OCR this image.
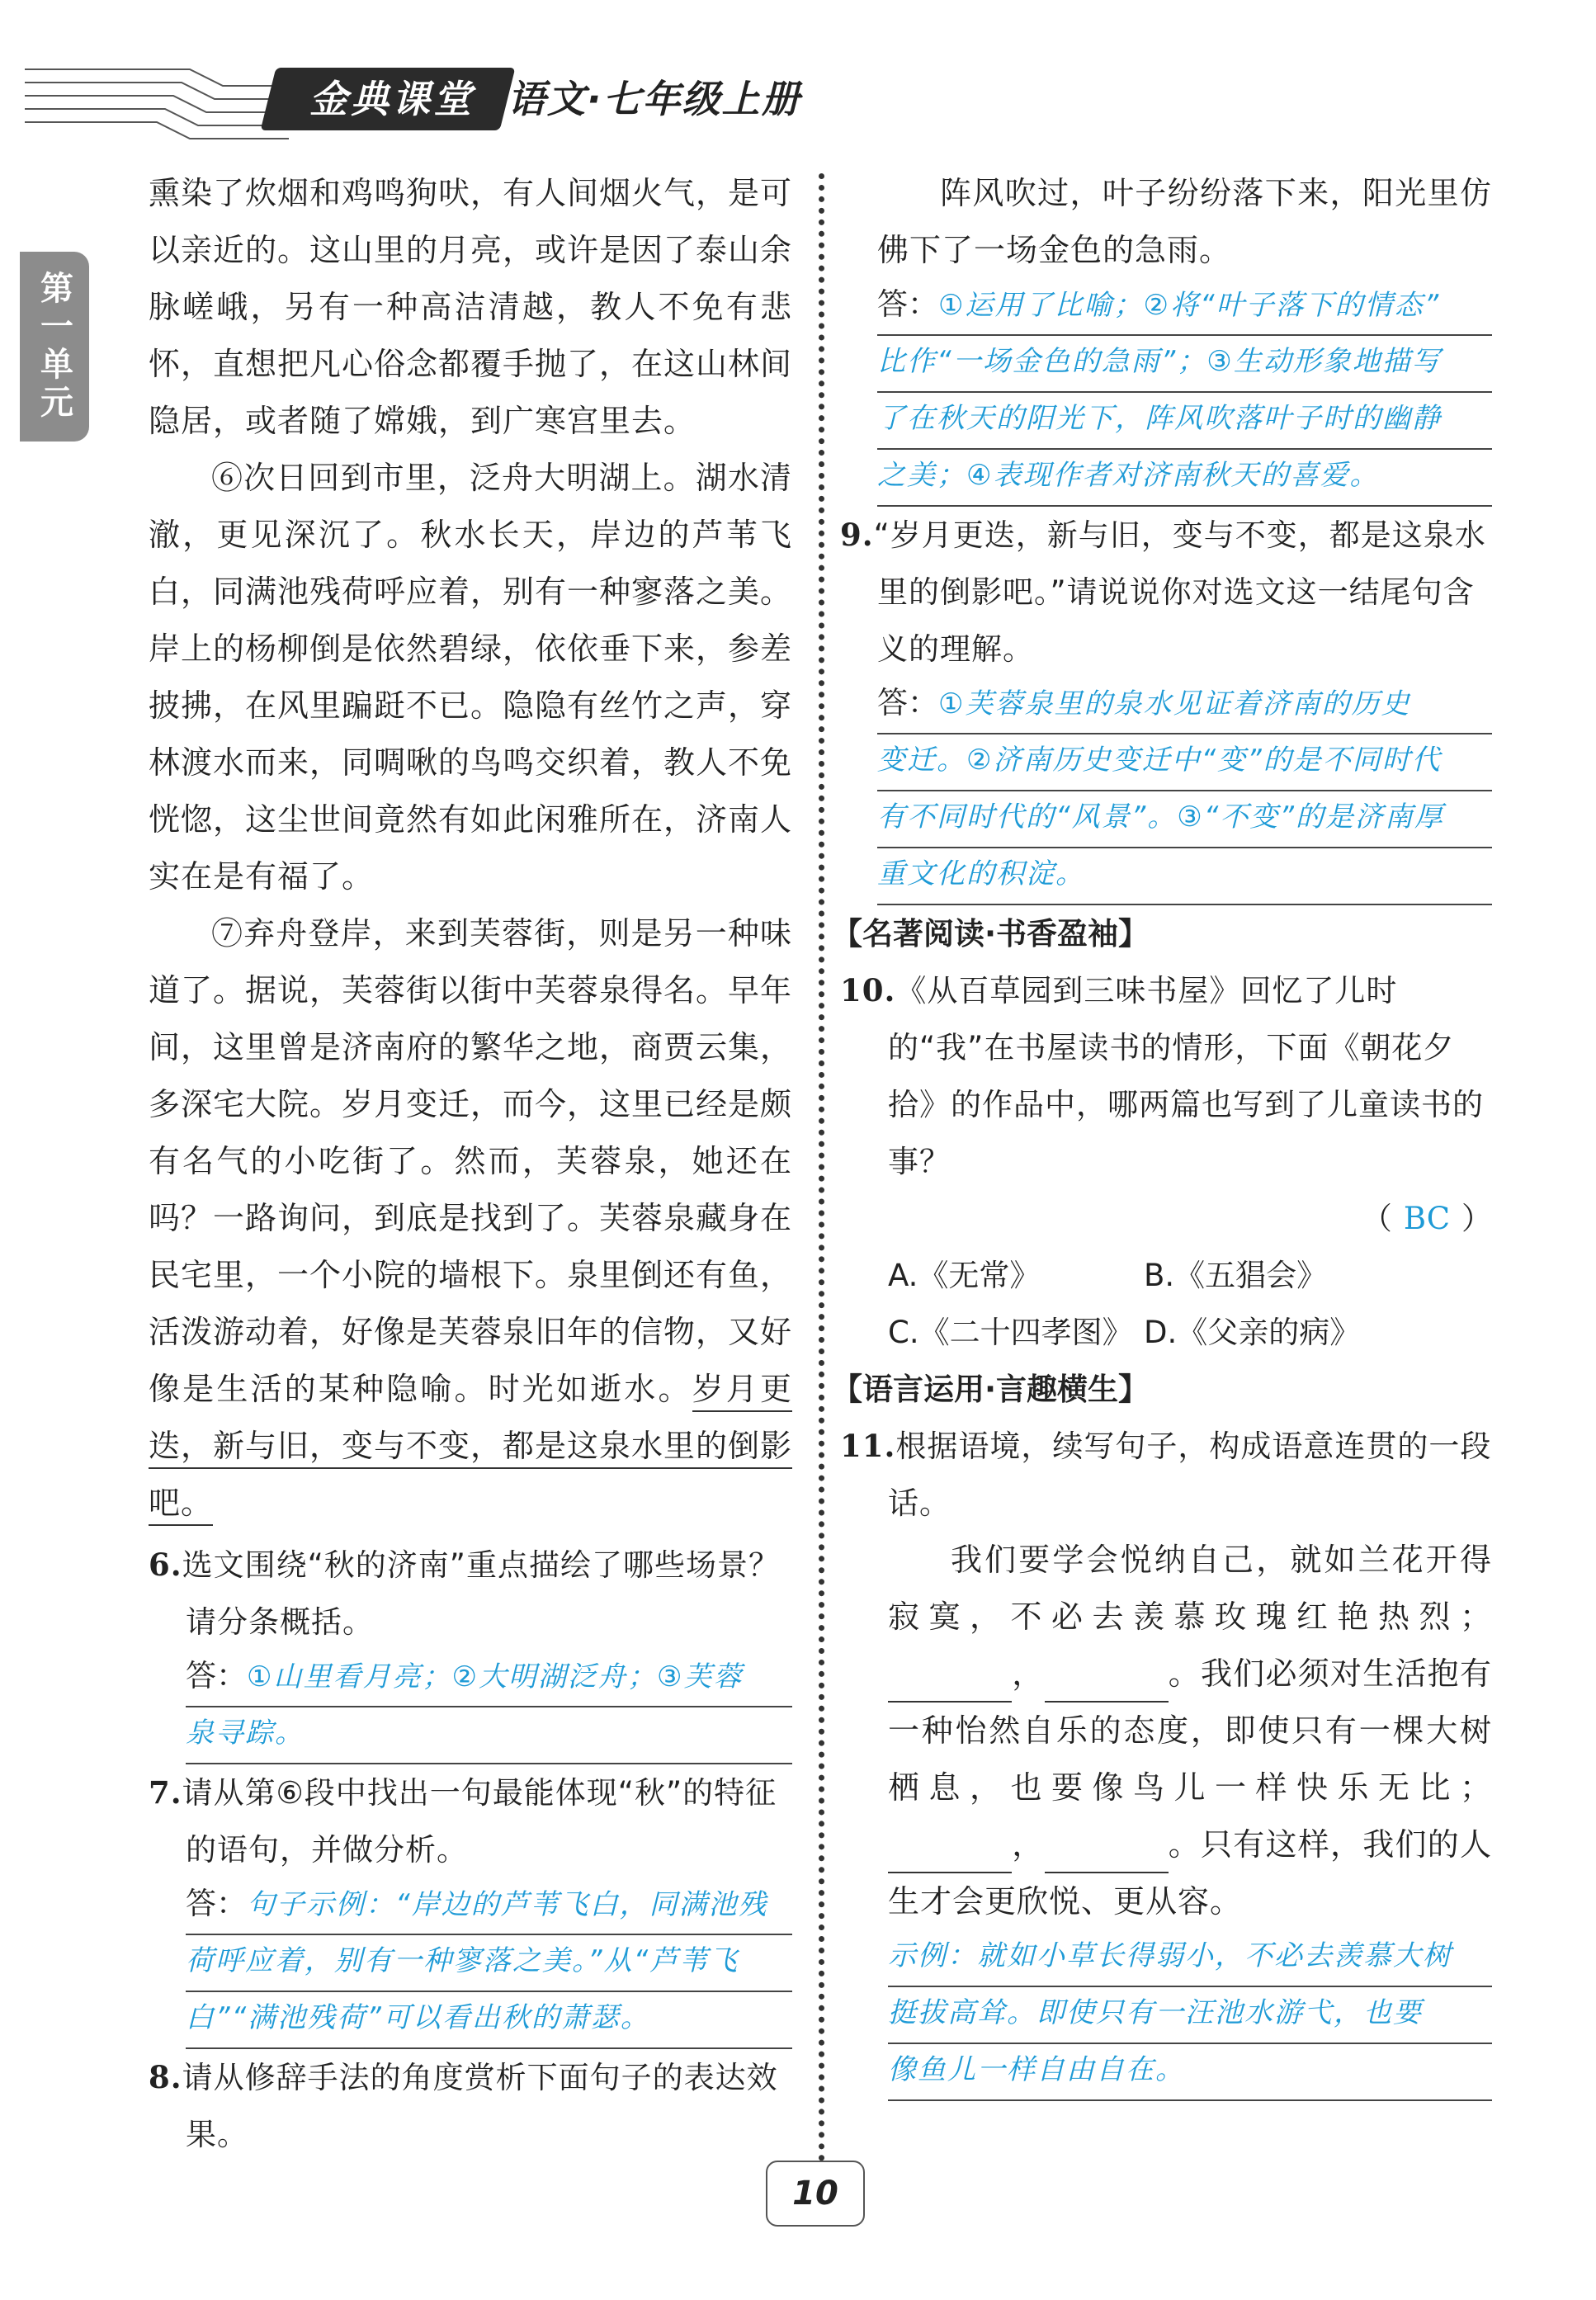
金典课堂 语文·七年级上册
第一单元

熏染了炊烟和鸡鸣狗吠，有人间烟火气，是可以亲近的。这山里的月亮，或许是因了泰山余脉嵯峨，另有一种高洁清越，教人不免有悲怀，直想把凡心俗念都覆手抛了，在这山林间隐居，或者随了嫦娥，到广寒宫里去。

⑥次日回到市里，泛舟大明湖上。湖水清澈，更见深沉了。秋水长天，岸边的芦苇飞白，同满池残荷呼应着，别有一种寥落之美。岸上的杨柳倒是依然碧绿，依依垂下来，参差披拂，在风里蹁跹不已。隐隐有丝竹之声，穿林渡水而来，同啁啾的鸟鸣交织着，教人不免恍惚，这尘世间竟然有如此闲雅所在，济南人实在是有福了。

⑦弃舟登岸，来到芙蓉街，则是另一种味道了。据说，芙蓉街以街中芙蓉泉得名。早年间，这里曾是济南府的繁华之地，商贾云集，多深宅大院。岁月变迁，而今，这里已经是颇有名气的小吃街了。然而，芙蓉泉，她还在吗？一路询问，到底是找到了。芙蓉泉藏身在民宅里，一个小院的墙根下。泉里倒还有鱼，活泼游动着，好像是芙蓉泉旧年的信物，又好像是生活的某种隐喻。时光如逝水。岁月更迭，新与旧，变与不变，都是这泉水里的倒影吧。

6.选文围绕“秋的济南”重点描绘了哪些场景？请分条概括。
答：①山里看月亮；②大明湖泛舟；③芙蓉
泉寻踪。
7.请从第⑥段中找出一句最能体现“秋”的特征的语句，并做分析。
答：句子示例：“岸边的芦苇飞白，同满池残
荷呼应着，别有一种寥落之美。”从“芦苇飞
白”“满池残荷”可以看出秋的萧瑟。
8.请从修辞手法的角度赏析下面句子的表达效果。

阵风吹过，叶子纷纷落下来，阳光里仿佛下了一场金色的急雨。

答：①运用了比喻；②将“叶子落下的情态”
比作“一场金色的急雨”；③生动形象地描写
了在秋天的阳光下，阵风吹落叶子时的幽静
之美；④表现作者对济南秋天的喜爱。
9.“岁月更迭，新与旧，变与不变，都是这泉水里的倒影吧。”请说说你对选文这一结尾句含义的理解。
答：①芙蓉泉里的泉水见证着济南的历史
变迁。②济南历史变迁中“变”的是不同时代
有不同时代的“风景”。③“不变”的是济南厚
重文化的积淀。
【名著阅读·书香盈袖】
10.《从百草园到三味书屋》回忆了儿时的“我”在书屋读书的情形，下面《朝花夕拾》的作品中，哪两篇也写到了儿童读书的事？
（ BC ）
A.《无常》	B.《五猖会》
C.《二十四孝图》 D.《父亲的病》
【语言运用·言趣横生】
11.根据语境，续写句子，构成语意连贯的一段话。

我们要学会悦纳自己，就如兰花开得寂寞，不必去羡慕玫瑰红艳热烈；，	。我们必须对生活抱有一种怡然自乐的态度，即使只有一棵大树栖息，也要像鸟儿一样快乐无比；，	。只有这样，我们的人生才会更欣悦、更从容。

示例：就如小草长得弱小，不必去羡慕大树
挺拔高耸。即使只有一汪池水游弋，也要
像鱼儿一样自由自在。
10
